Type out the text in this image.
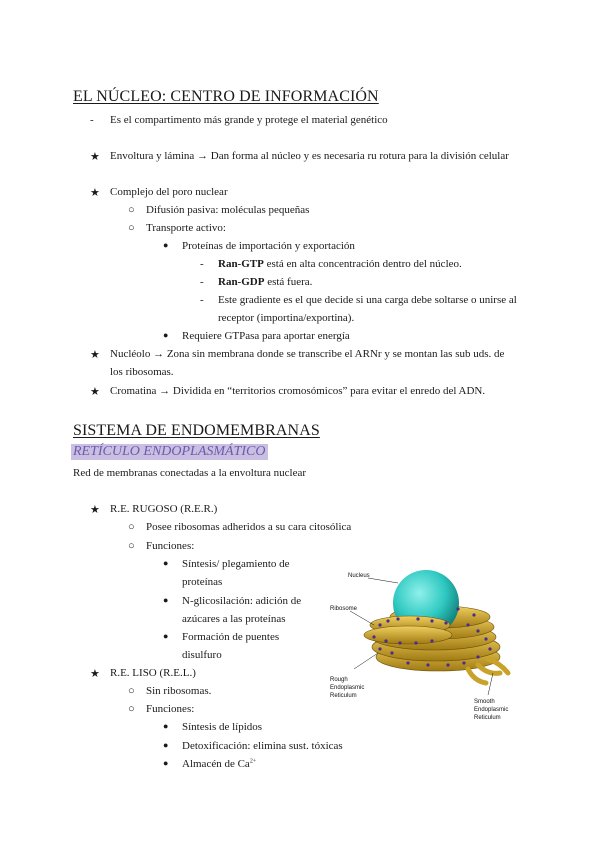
EL NÚCLEO: CENTRO DE INFORMACIÓN
- Es el compartimento más grande y protege el material genético
★ Envoltura y lámina → Dan forma al núcleo y es necesaria ru rotura para la división celular
★ Complejo del poro nuclear
○ Difusión pasiva: moléculas pequeñas
○ Transporte activo:
● Proteínas de importación y exportación
- Ran-GTP está en alta concentración dentro del núcleo.
- Ran-GDP está fuera.
- Este gradiente es el que decide si una carga debe soltarse o unirse al
receptor (importina/exportina).
● Requiere GTPasa para aportar energía
★ Nucléolo → Zona sin membrana donde se transcribe el ARNr y se montan las sub uds. de
los ribosomas.
★ Cromatina → Dividida en “territorios cromosómicos” para evitar el enredo del ADN.
SISTEMA DE ENDOMEMBRANAS
RETÍCULO ENDOPLASMÁTICO
Red de membranas conectadas a la envoltura nuclear
★ R.E. RUGOSO (R.E.R.)
○ Posee ribosomas adheridos a su cara citosólica
○ Funciones:
● Síntesis/ plegamiento de
proteínas
● N-glicosilación: adición de
azúcares a las proteínas
● Formación de puentes
disulfuro
★ R.E. LISO (R.E.L.)
○ Sin ribosomas.
○ Funciones:
● Síntesis de lípidos
● Detoxificación: elimina sust. tóxicas
● Almacén de $Ca^{2+}$
Nucleus
Ribosome
Rough
Endoplasmic
Reticulum
Smooth
Endoplasmic
Reticulum
